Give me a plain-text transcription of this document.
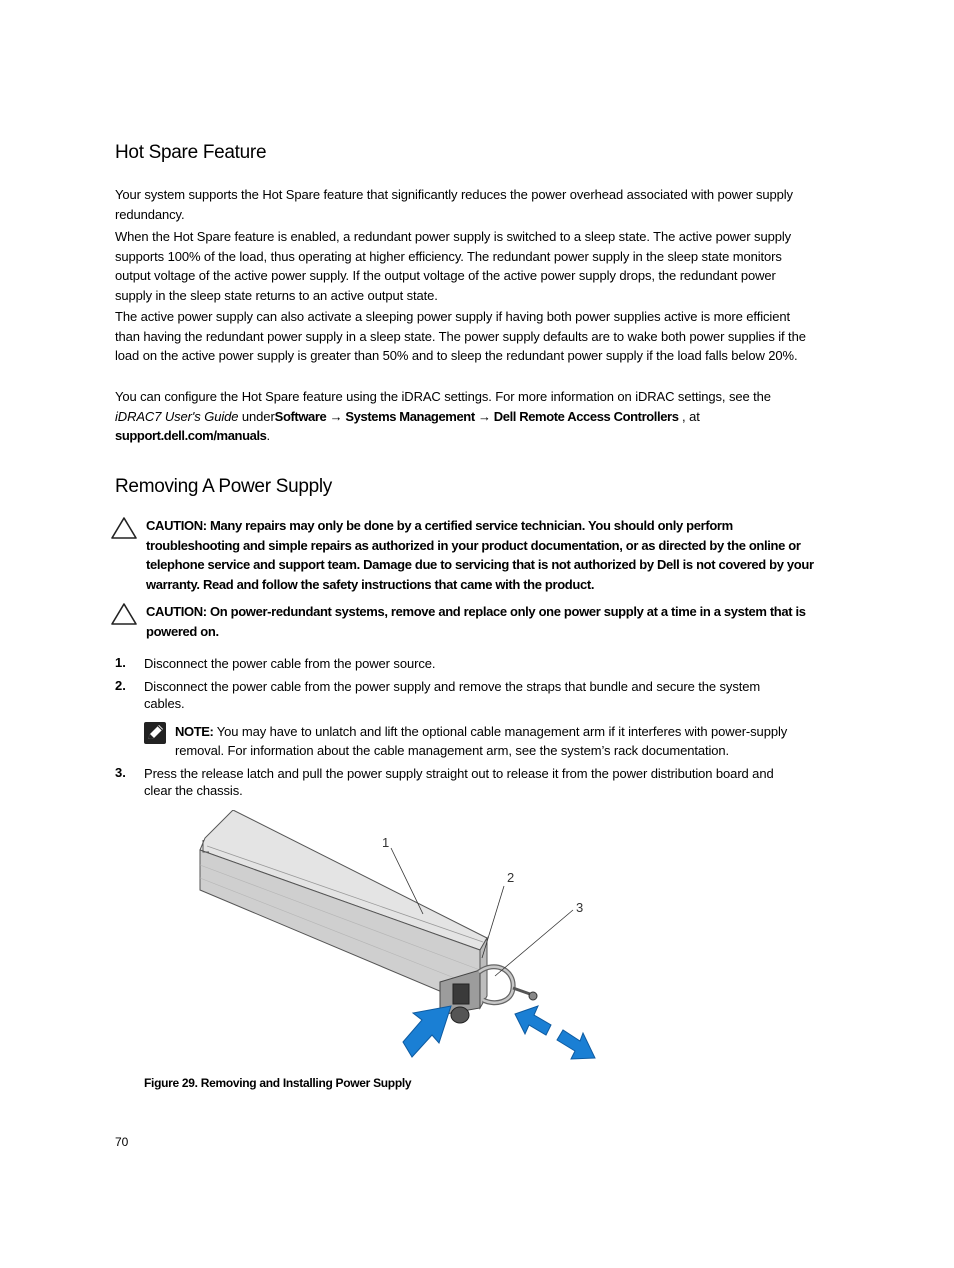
Hot Spare Feature

Your system supports the Hot Spare feature that significantly reduces the power overhead associated with power supply redundancy.

When the Hot Spare feature is enabled, a redundant power supply is switched to a sleep state. The active power supply supports 100% of the load, thus operating at higher efficiency. The redundant power supply in the sleep state monitors output voltage of the active power supply. If the output voltage of the active power supply drops, the redundant power supply in the sleep state returns to an active output state.

The active power supply can also activate a sleeping power supply if having both power supplies active is more efficient than having the redundant power supply in a sleep state. The power supply defaults are to wake both power supplies if the load on the active power supply is greater than 50% and to sleep the redundant power supply if the load falls below 20%.

You can configure the Hot Spare feature using the iDRAC settings. For more information on iDRAC settings, see the iDRAC7 User's Guide underSoftware → Systems Management → Dell Remote Access Controllers , at support.dell.com/manuals.

Removing A Power Supply

CAUTION: Many repairs may only be done by a certified service technician. You should only perform troubleshooting and simple repairs as authorized in your product documentation, or as directed by the online or telephone service and support team. Damage due to servicing that is not authorized by Dell is not covered by your warranty. Read and follow the safety instructions that came with the product.

CAUTION: On power-redundant systems, remove and replace only one power supply at a time in a system that is powered on.

1. Disconnect the power cable from the power source.

2. Disconnect the power cable from the power supply and remove the straps that bundle and secure the system cables.

NOTE: You may have to unlatch and lift the optional cable management arm if it interferes with power-supply removal. For information about the cable management arm, see the system’s rack documentation.

3. Press the release latch and pull the power supply straight out to release it from the power distribution board and clear the chassis.

1
2
3

Figure 29. Removing and Installing Power Supply

70
